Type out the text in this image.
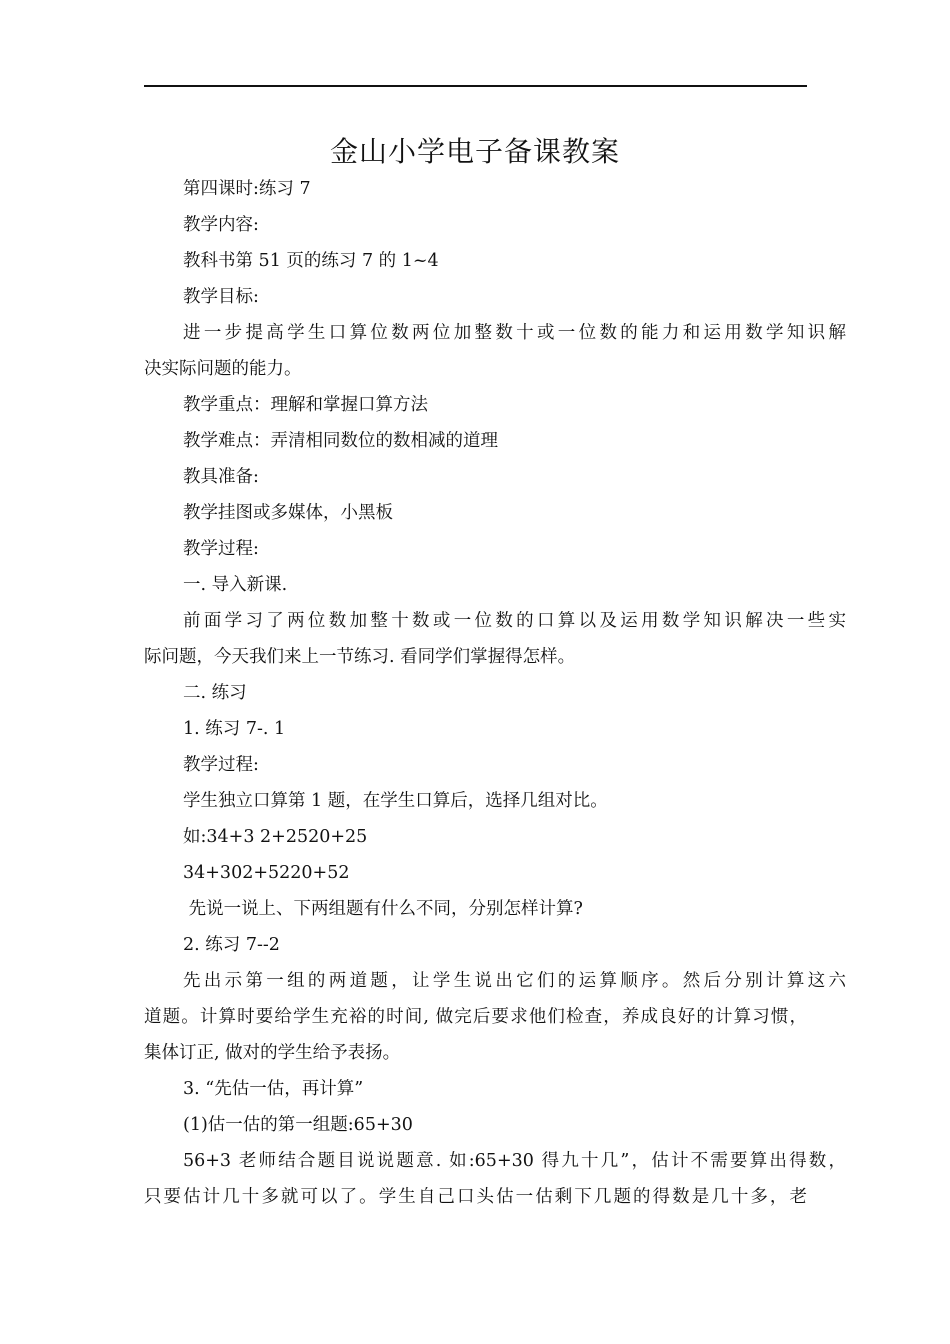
金山小学电子备课教案
第四课时:练习 7
教学内容:
教科书第 51 页的练习 7 的 1~4
教学目标:
进一步提高学生口算位数两位加整数十或一位数的能力和运用数学知识解
决实际问题的能力。
教学重点：理解和掌握口算方法
教学难点：弄清相同数位的数相减的道理
教具准备:
教学挂图或多媒体，小黑板
教学过程:
一. 导入新课.
前面学习了两位数加整十数或一位数的口算以及运用数学知识解决一些实
际问题，今天我们来上一节练习. 看同学们掌握得怎样。
二. 练习
1. 练习 7-. 1
教学过程:
学生独立口算第 1 题，在学生口算后，选择几组对比。
如:34+3 2+2520+25
34+302+5220+52
先说一说上、下两组题有什么不同，分别怎样计算?
2. 练习 7--2
先出示第一组的两道题，让学生说出它们的运算顺序。然后分别计算这六
道题。计算时要给学生充裕的时间, 做完后要求他们检查，养成良好的计算习惯，
集体订正, 做对的学生给予表扬。
3. “先估一估，再计算”
(1)估一估的第一组题:65+30
56+3 老师结合题目说说题意. 如:65+30 得九十几”，估计不需要算出得数，
只要估计几十多就可以了。学生自己口头估一估剩下几题的得数是几十多，老
